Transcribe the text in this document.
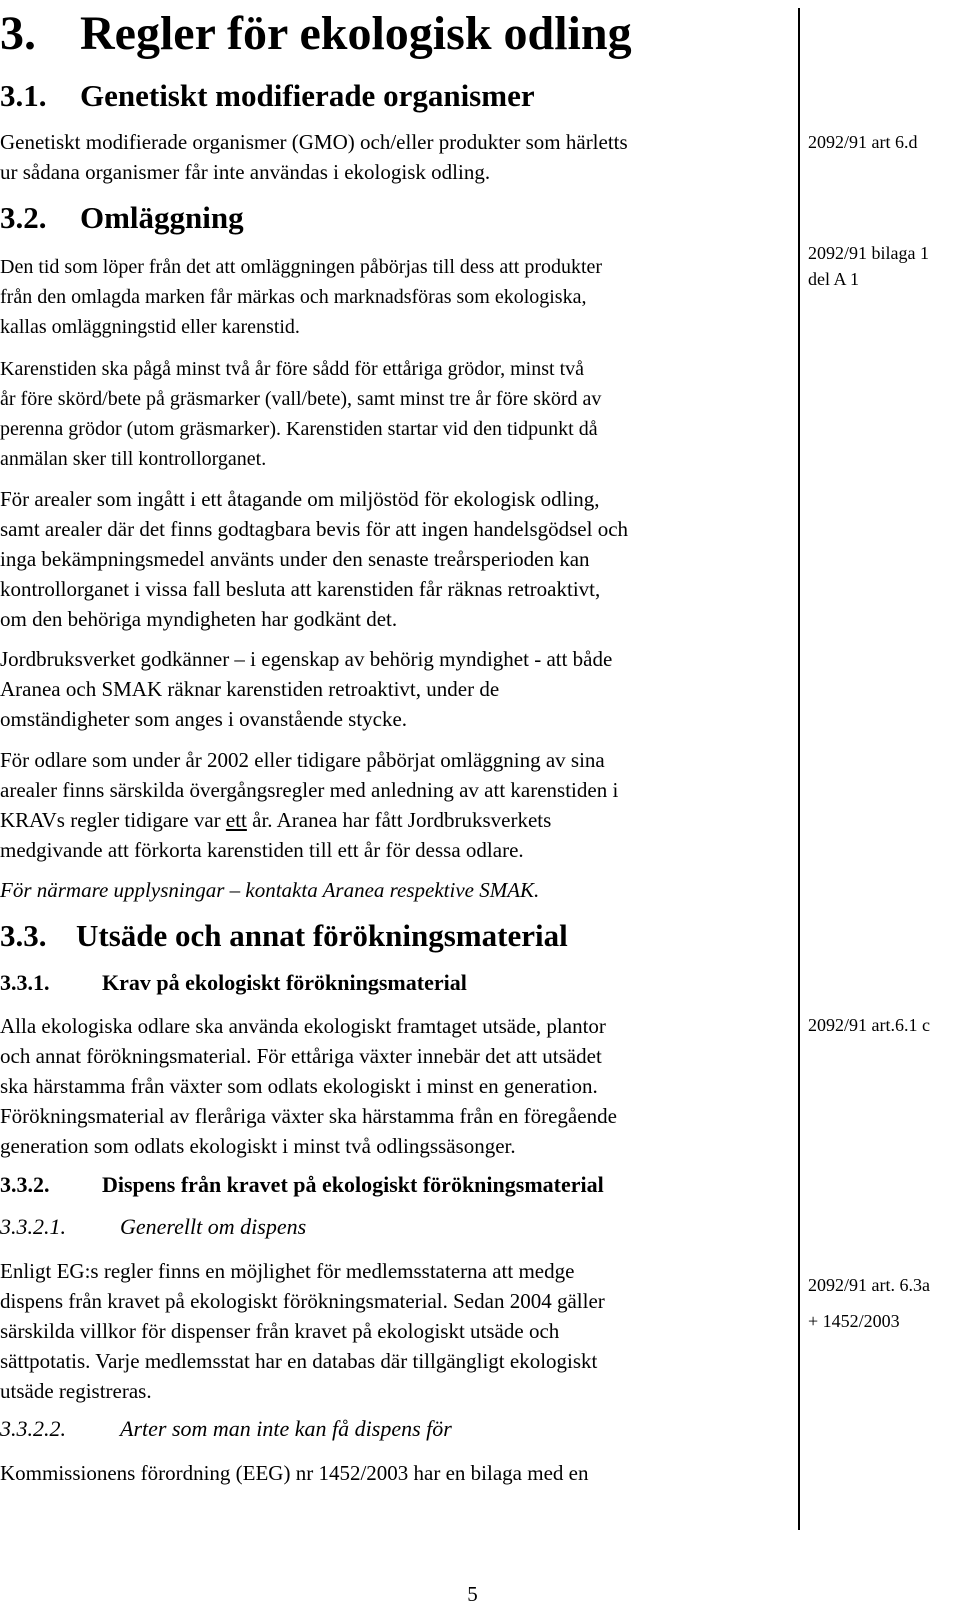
3. Regler för ekologisk odling
3.1. Genetiskt modifierade organismer
Genetiskt modifierade organismer (GMO) och/eller produkter som härletts
ur sådana organismer får inte användas i ekologisk odling.
3.2. Omläggning
Den tid som löper från det att omläggningen påbörjas till dess att produkter
från den omlagda marken får märkas och marknadsföras som ekologiska,
kallas omläggningstid eller karenstid.
Karenstiden ska pågå minst två år före sådd för ettåriga grödor, minst två
år före skörd/bete på gräsmarker (vall/bete), samt minst tre år före skörd av
perenna grödor (utom gräsmarker). Karenstiden startar vid den tidpunkt då
anmälan sker till kontrollorganet.
För arealer som ingått i ett åtagande om miljöstöd för ekologisk odling,
samt arealer där det finns godtagbara bevis för att ingen handelsgödsel och
inga bekämpningsmedel använts under den senaste treårsperioden kan
kontrollorganet i vissa fall besluta att karenstiden får räknas retroaktivt,
om den behöriga myndigheten har godkänt det.
Jordbruksverket godkänner – i egenskap av behörig myndighet - att både
Aranea och SMAK räknar karenstiden retroaktivt, under de
omständigheter som anges i ovanstående stycke.
För odlare som under år 2002 eller tidigare påbörjat omläggning av sina
arealer finns särskilda övergångsregler med anledning av att karenstiden i
KRAVs regler tidigare var ett år. Aranea har fått Jordbruksverkets
medgivande att förkorta karenstiden till ett år för dessa odlare.
För närmare upplysningar – kontakta Aranea respektive SMAK.
3.3. Utsäde och annat förökningsmaterial
3.3.1. Krav på ekologiskt förökningsmaterial
Alla ekologiska odlare ska använda ekologiskt framtaget utsäde, plantor
och annat förökningsmaterial. För ettåriga växter innebär det att utsädet
ska härstamma från växter som odlats ekologiskt i minst en generation.
Förökningsmaterial av fleråriga växter ska härstamma från en föregående
generation som odlats ekologiskt i minst två odlingssäsonger.
3.3.2. Dispens från kravet på ekologiskt förökningsmaterial
3.3.2.1. Generellt om dispens
Enligt EG:s regler finns en möjlighet för medlemsstaterna att medge
dispens från kravet på ekologiskt förökningsmaterial. Sedan 2004 gäller
särskilda villkor för dispenser från kravet på ekologiskt utsäde och
sättpotatis. Varje medlemsstat har en databas där tillgängligt ekologiskt
utsäde registreras.
3.3.2.2. Arter som man inte kan få dispens för
Kommissionens förordning (EEG) nr 1452/2003 har en bilaga med en
2092/91 art 6.d
2092/91 bilaga 1
del A 1
2092/91 art.6.1 c
2092/91 art. 6.3a
+ 1452/2003
5
